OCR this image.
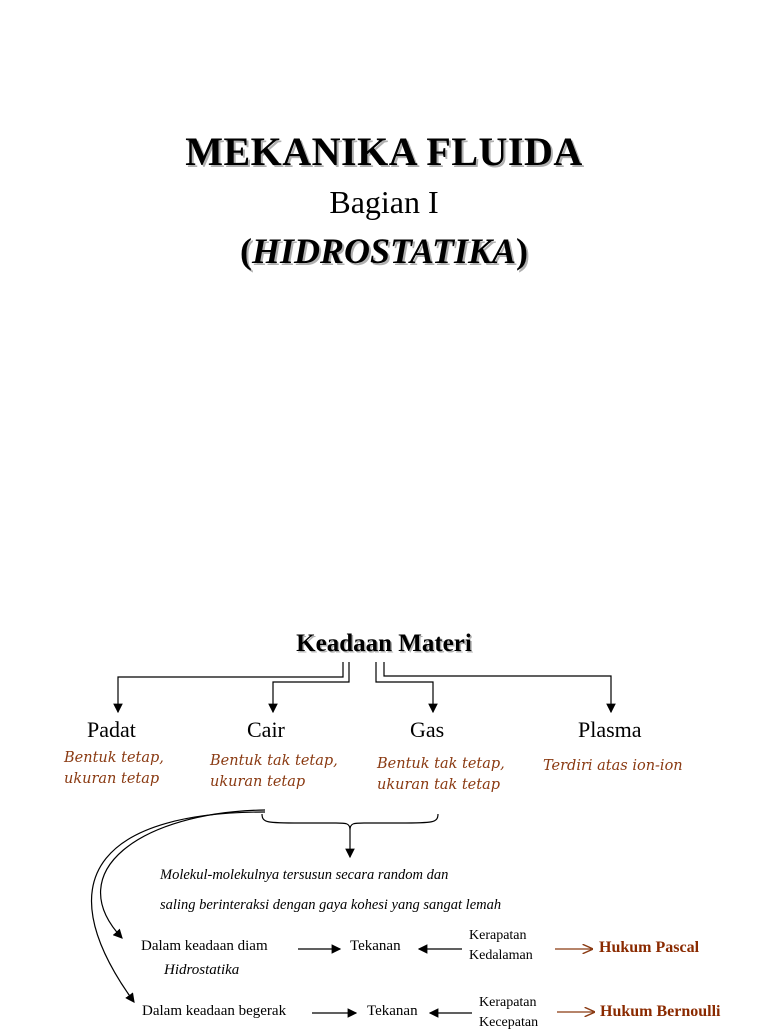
MEKANIKA FLUIDA
Bagian I
(HIDROSTATIKA)
Keadaan Materi
Padat	Cair	Gas	Plasma
Bentuk tetap,
ukuran tetap
Bentuk tak tetap,
ukuran tetap
Bentuk tak tetap,
ukuran tak tetap
Terdiri atas ion-ion
Molekul-molekulnya tersusun secara random dan
saling berinteraksi dengan gaya kohesi yang sangat lemah
Dalam keadaan diam
Hidrostatika
Tekanan
Kerapatan
Kedalaman	Hukum Pascal
Dalam keadaan begerak	Tekanan
Kerapatan
Kecepatan
Hukum Bernoulli
